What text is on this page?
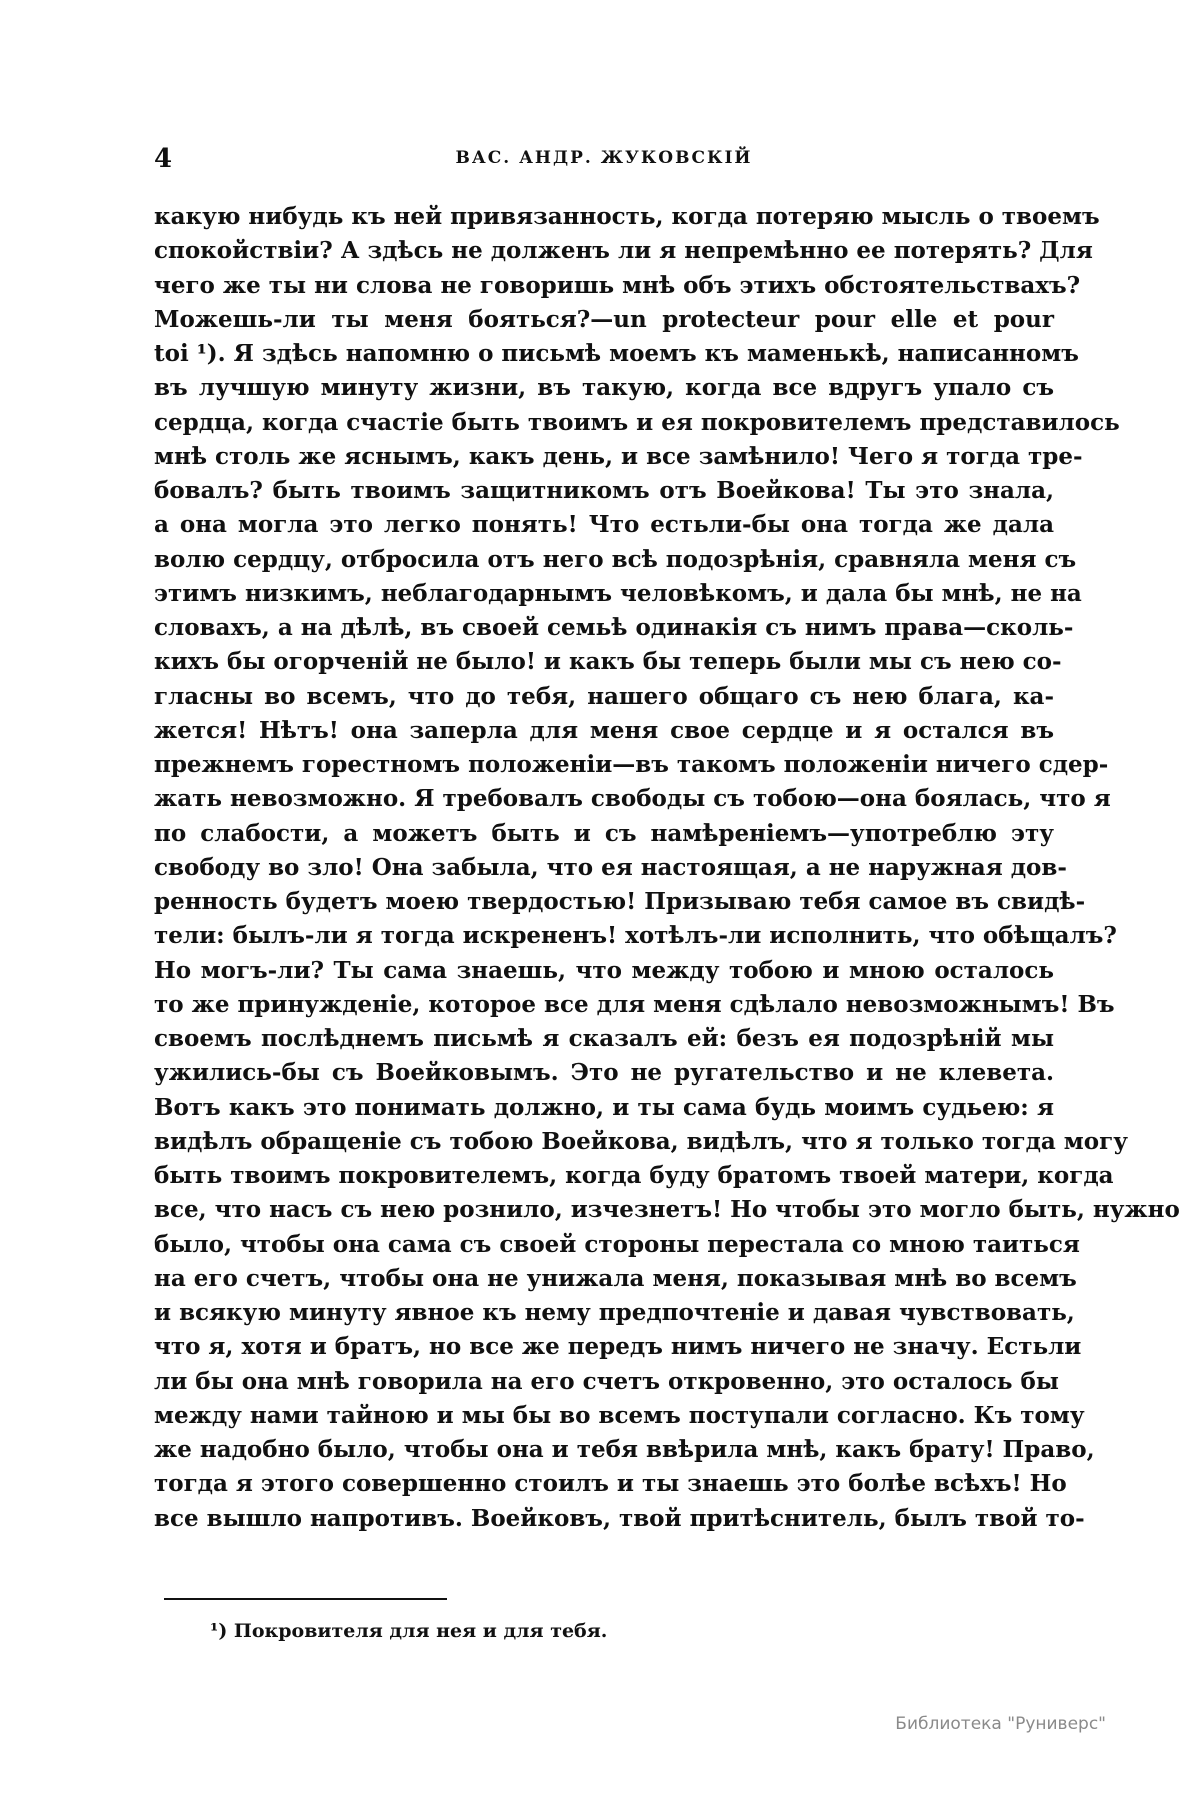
4	ВАС. АНДР. ЖУКОВСКІЙ
какую нибудь къ ней привязанность, когда потеряю мысль о твоемъ
спокойствіи? А здѣсь не долженъ ли я непремѣнно ее потерять? Для
чего же ты ни слова не говоришь мнѣ объ этихъ обстоятельствахъ?
Можешь-ли ты меня бояться?—un protecteur pour elle et pour
toi ¹). Я здѣсь напомню о письмѣ моемъ къ маменькѣ, написанномъ
въ лучшую минуту жизни, въ такую, когда все вдругъ упало съ
сердца, когда счастіе быть твоимъ и ея покровителемъ представилось
мнѣ столь же яснымъ, какъ день, и все замѣнило! Чего я тогда тре-
бовалъ? быть твоимъ защитникомъ отъ Воейкова! Ты это знала,
а она могла это легко понять! Что естьли-бы она тогда же дала
волю сердцу, отбросила отъ него всѣ подозрѣнія, сравняла меня съ
этимъ низкимъ, неблагодарнымъ человѣкомъ, и дала бы мнѣ, не на
словахъ, а на дѣлѣ, въ своей семьѣ одинакія съ нимъ права—сколь-
кихъ бы огорченій не было! и какъ бы теперь были мы съ нею со-
гласны во всемъ, что до тебя, нашего общаго съ нею блага, ка-
жется! Нѣтъ! она заперла для меня свое сердце и я остался въ
прежнемъ горестномъ положеніи—въ такомъ положеніи ничего сдер-
жать невозможно. Я требовалъ свободы съ тобою—она боялась, что я
по слабости, а можетъ быть и съ намѣреніемъ—употреблю эту
свободу во зло! Она забыла, что ея настоящая, а не наружная дов-
ренность будетъ моею твердостью! Призываю тебя самое въ свидѣ-
тели: былъ-ли я тогда искрененъ! хотѣлъ-ли исполнить, что обѣщалъ?
Но могъ-ли? Ты сама знаешь, что между тобою и мною осталось
то же принужденіе, которое все для меня сдѣлало невозможнымъ! Въ
своемъ послѣднемъ письмѣ я сказалъ ей: безъ ея подозрѣній мы
ужились-бы съ Воейковымъ. Это не ругательство и не клевета.
Вотъ какъ это понимать должно, и ты сама будь моимъ судьею: я
видѣлъ обращеніе съ тобою Воейкова, видѣлъ, что я только тогда могу
быть твоимъ покровителемъ, когда буду братомъ твоей матери, когда
все, что насъ съ нею рознило, изчезнетъ! Но чтобы это могло быть, нужно
было, чтобы она сама съ своей стороны перестала со мною таиться
на его счетъ, чтобы она не унижала меня, показывая мнѣ во всемъ
и всякую минуту явное къ нему предпочтеніе и давая чувствовать,
что я, хотя и братъ, но все же передъ нимъ ничего не значу. Естьли
ли бы она мнѣ говорила на его счетъ откровенно, это осталось бы
между нами тайною и мы бы во всемъ поступали согласно. Къ тому
же надобно было, чтобы она и тебя ввѣрила мнѣ, какъ брату! Право,
тогда я этого совершенно стоилъ и ты знаешь это болѣе всѣхъ! Но
все вышло напротивъ. Воейковъ, твой притѣснитель, былъ твой то-
¹) Покровителя для нея и для тебя.
Библиотека "Руниверс"
